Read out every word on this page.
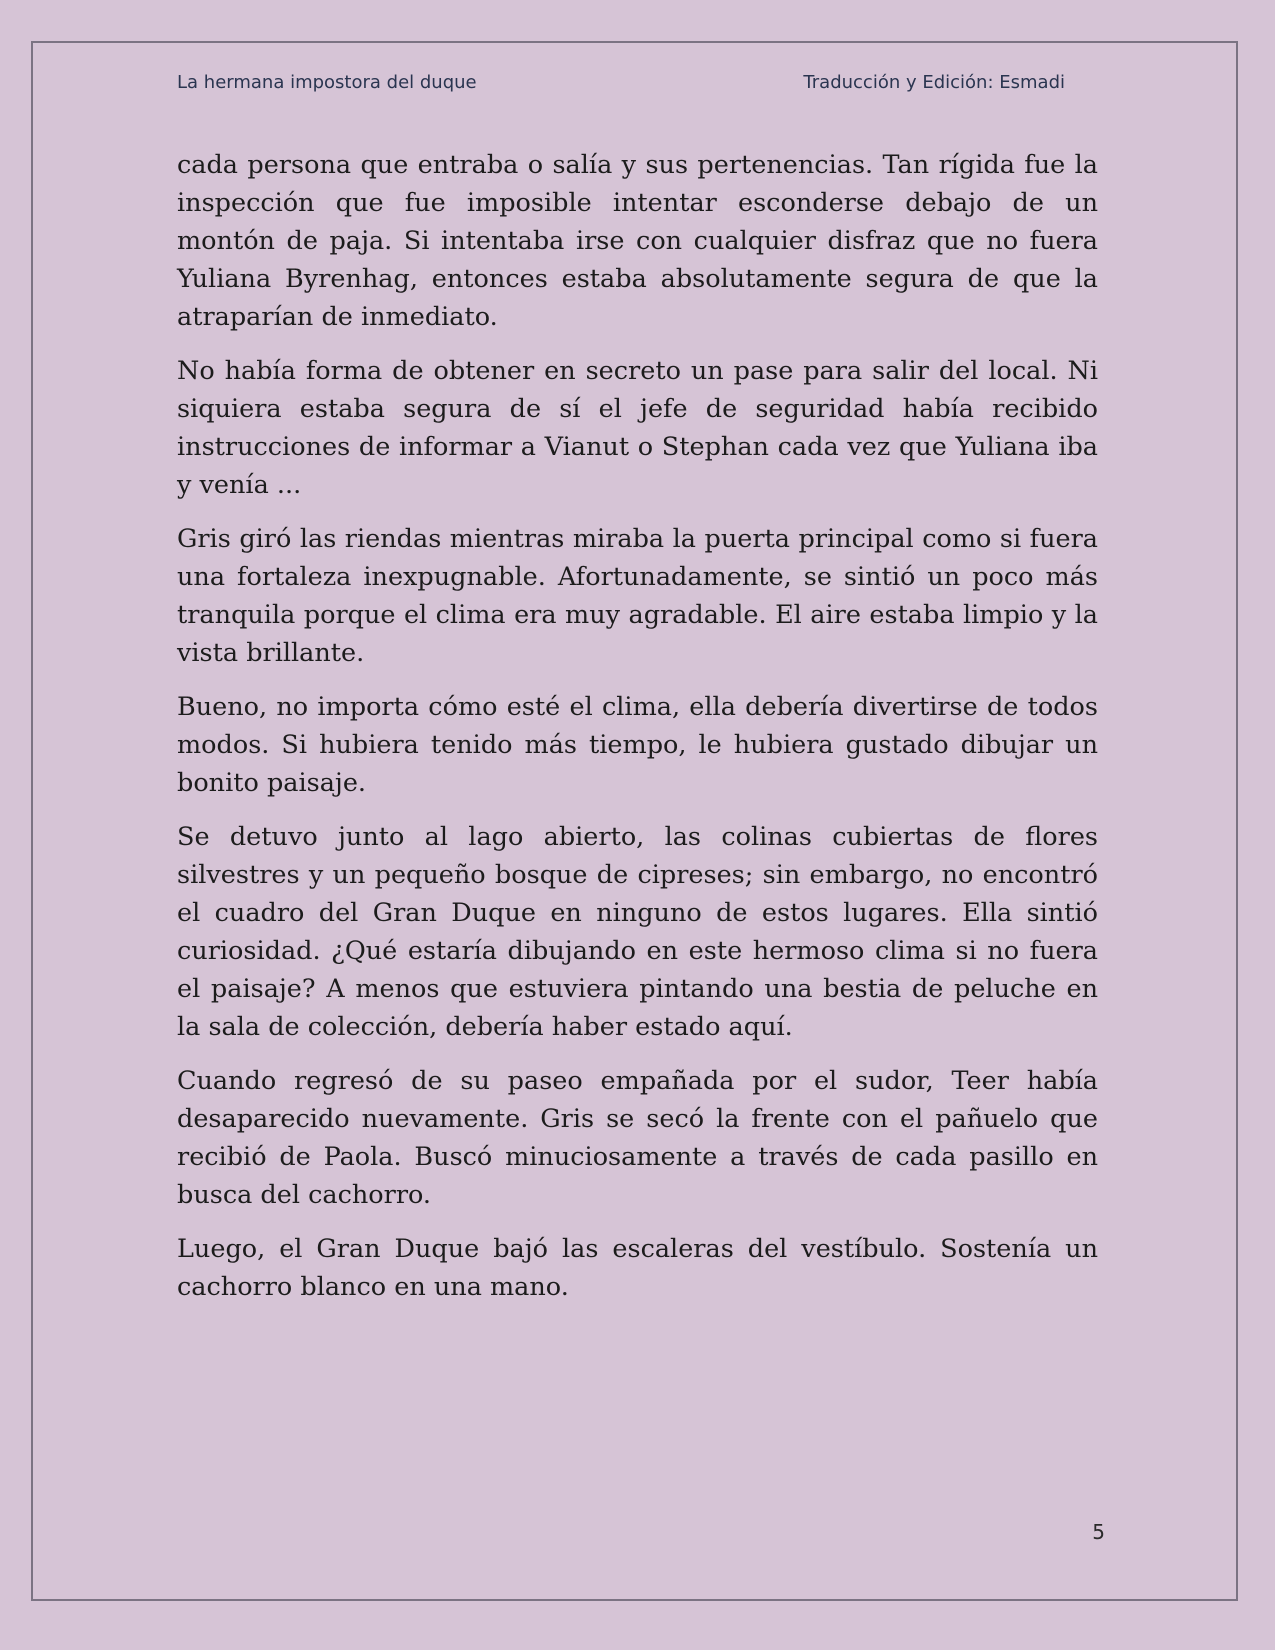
La hermana impostora del duque	Traducción y Edición: Esmadi

cada persona que entraba o salía y sus pertenencias. Tan rígida fue la inspección que fue imposible intentar esconderse debajo de un montón de paja. Si intentaba irse con cualquier disfraz que no fuera Yuliana Byrenhag, entonces estaba absolutamente segura de que la atraparían de inmediato.

No había forma de obtener en secreto un pase para salir del local. Ni siquiera estaba segura de sí el jefe de seguridad había recibido instrucciones de informar a Vianut o Stephan cada vez que Yuliana iba y venía ...

Gris giró las riendas mientras miraba la puerta principal como si fuera una fortaleza inexpugnable. Afortunadamente, se sintió un poco más tranquila porque el clima era muy agradable. El aire estaba limpio y la vista brillante.

Bueno, no importa cómo esté el clima, ella debería divertirse de todos modos. Si hubiera tenido más tiempo, le hubiera gustado dibujar un bonito paisaje.

Se detuvo junto al lago abierto, las colinas cubiertas de flores silvestres y un pequeño bosque de cipreses; sin embargo, no encontró el cuadro del Gran Duque en ninguno de estos lugares. Ella sintió curiosidad. ¿Qué estaría dibujando en este hermoso clima si no fuera el paisaje? A menos que estuviera pintando una bestia de peluche en la sala de colección, debería haber estado aquí.

Cuando regresó de su paseo empañada por el sudor, Teer había desaparecido nuevamente. Gris se secó la frente con el pañuelo que recibió de Paola. Buscó minuciosamente a través de cada pasillo en busca del cachorro.

Luego, el Gran Duque bajó las escaleras del vestíbulo. Sostenía un cachorro blanco en una mano.

5
